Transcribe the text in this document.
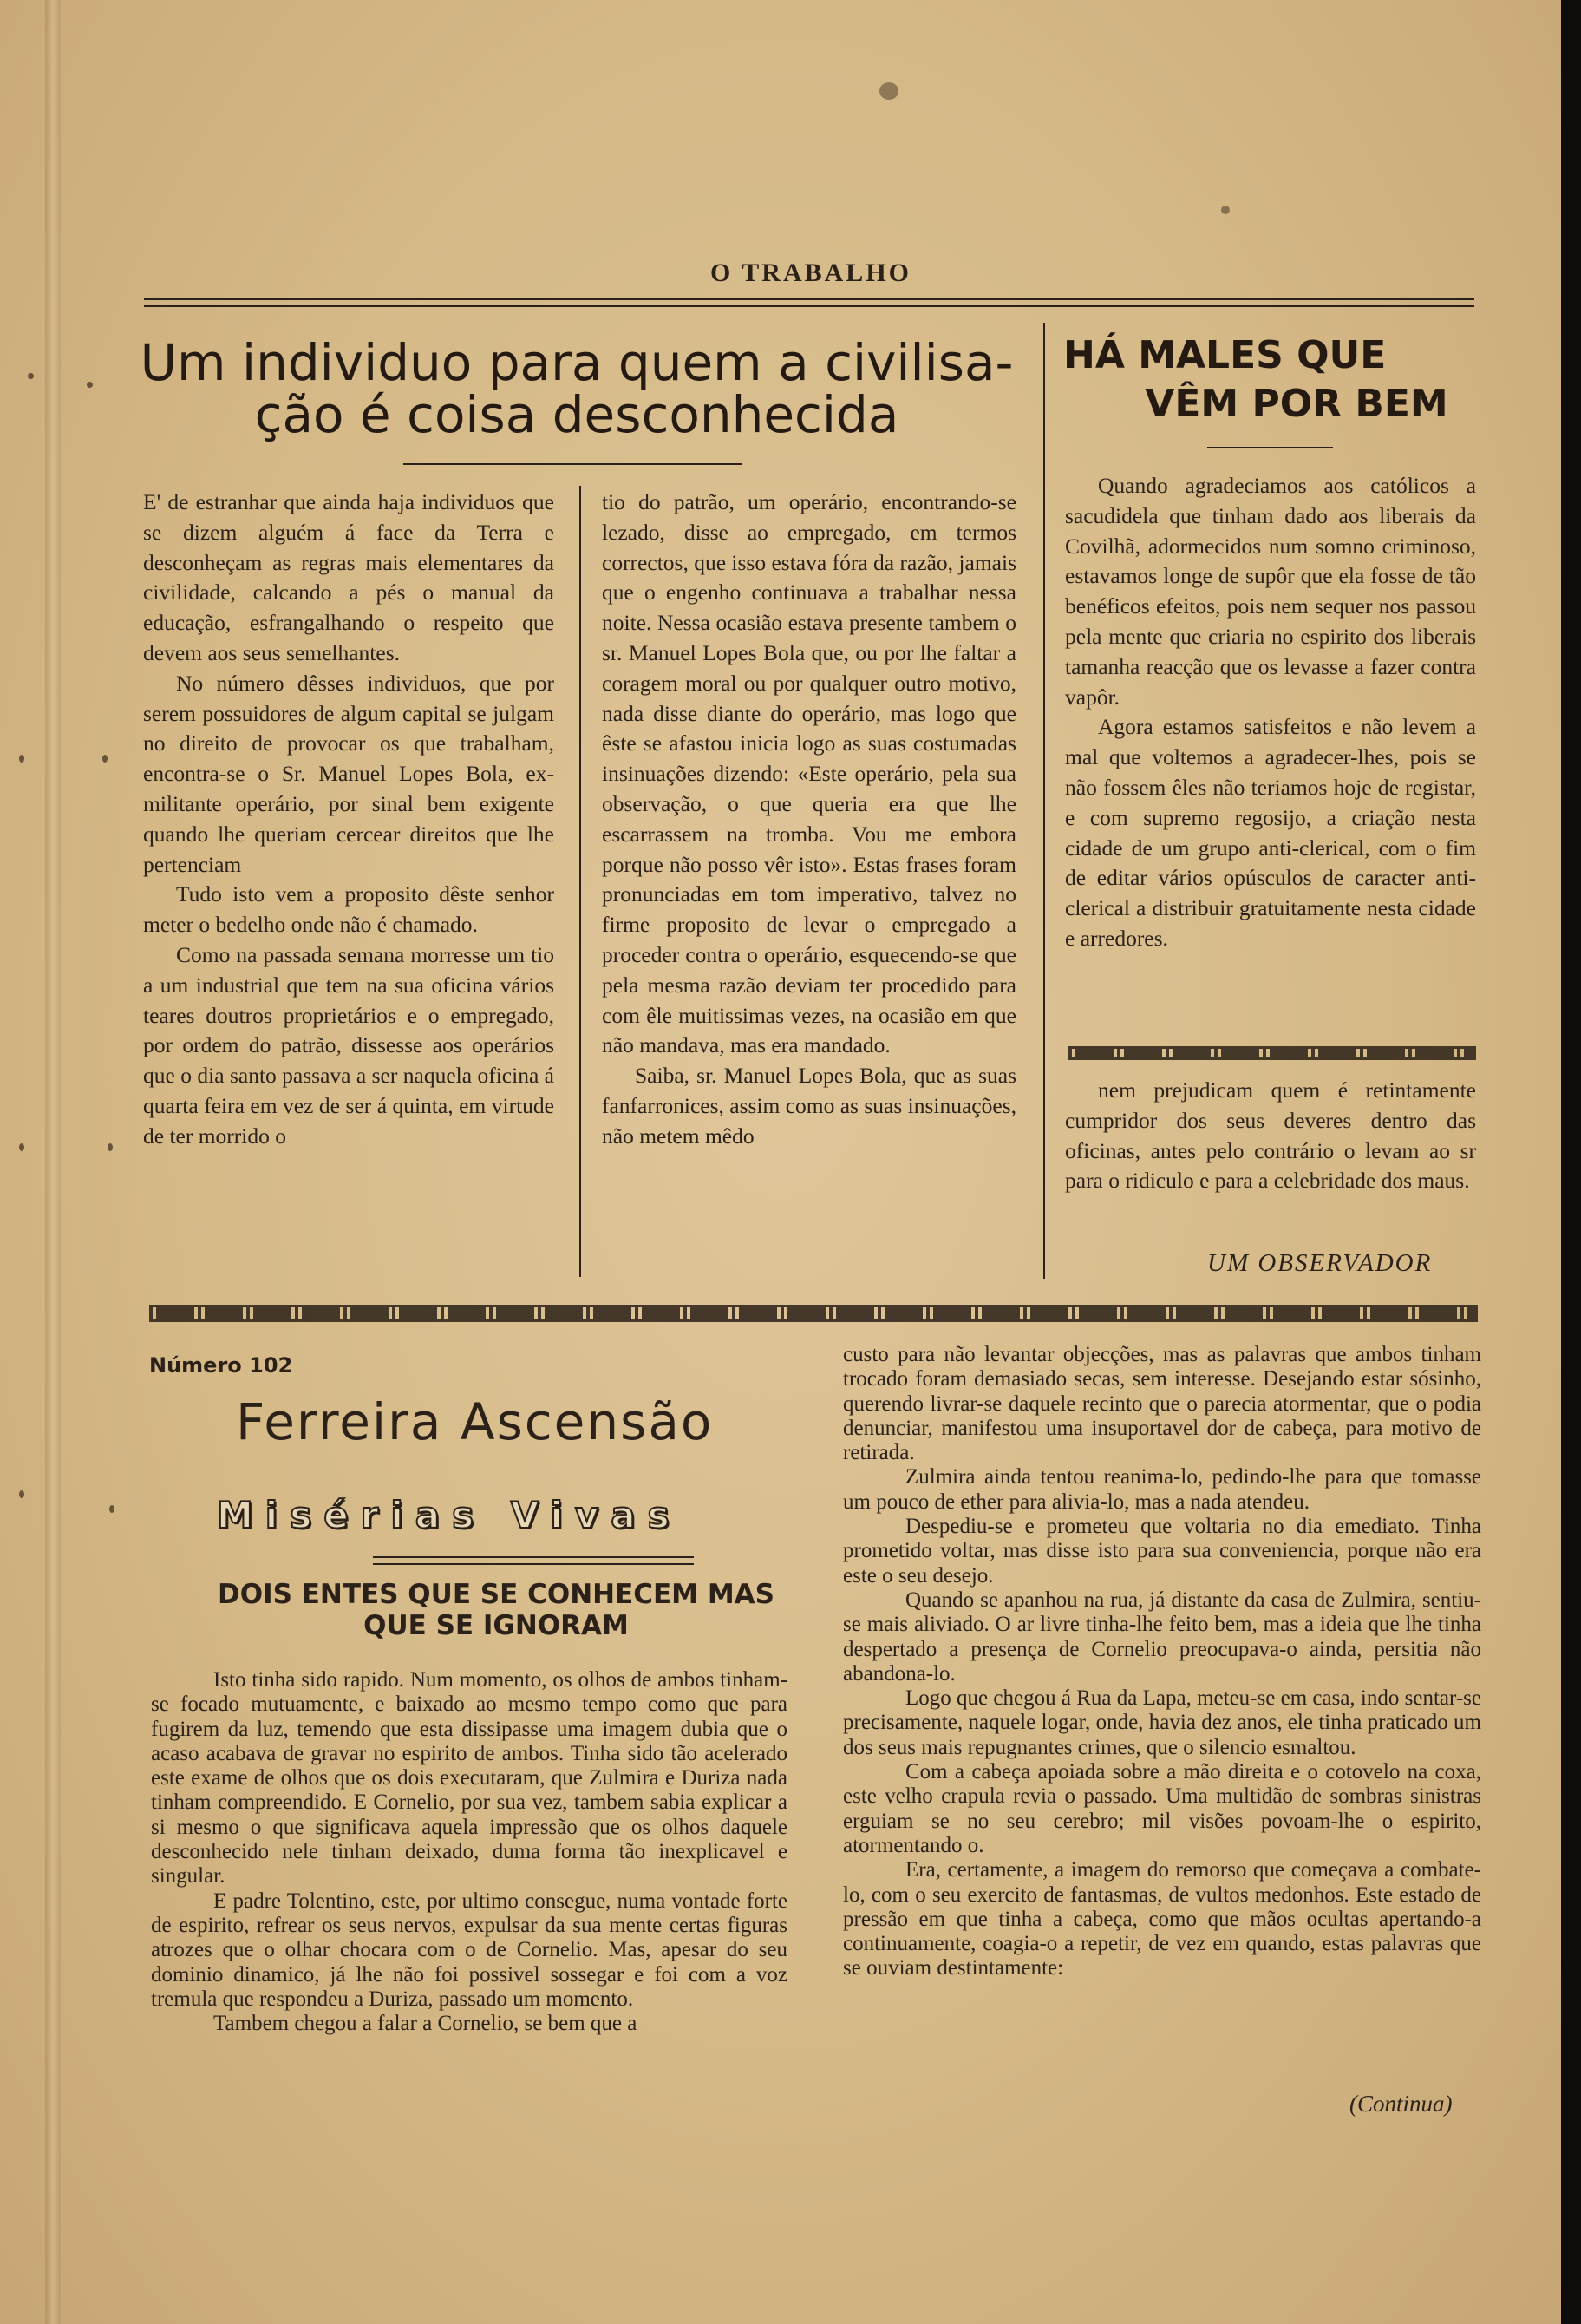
O TRABALHO
Um individuo para quem a civilisa-
ção é coisa desconhecida

E' de estranhar que ainda haja individuos que se dizem alguém á face da Terra e desconheçam as regras mais elementares da civilidade, calcando a pés o manual da educação, esfrangalhando o respeito que devem aos seus semelhantes.

No número dêsses individuos, que por serem possuidores de algum capital se julgam no direito de provocar os que trabalham, encontra-se o Sr. Manuel Lopes Bola, ex-militante operário, por sinal bem exigente quando lhe queriam cercear direitos que lhe pertenciam

Tudo isto vem a proposito dêste senhor meter o bedelho onde não é chamado.

Como na passada semana morresse um tio a um industrial que tem na sua oficina vários teares doutros proprietários e o empregado, por ordem do patrão, dissesse aos operários que o dia santo passava a ser naquela oficina á quarta feira em vez de ser á quinta, em virtude de ter morrido o

tio do patrão, um operário, encontrando-se lezado, disse ao empregado, em termos correctos, que isso estava fóra da razão, jamais que o engenho continuava a trabalhar nessa noite. Nessa ocasião estava presente tambem o sr. Manuel Lopes Bola que, ou por lhe faltar a coragem moral ou por qualquer outro motivo, nada disse diante do operário, mas logo que êste se afastou inicia logo as suas costumadas insinuações dizendo: «Este operário, pela sua observação, o que queria era que lhe escarrassem na tromba. Vou me embora porque não posso vêr isto». Estas frases foram pronunciadas em tom imperativo, talvez no firme proposito de levar o empregado a proceder contra o operário, esquecendo-se que pela mesma razão deviam ter procedido para com êle muitissimas vezes, na ocasião em que não mandava, mas era mandado.

Saiba, sr. Manuel Lopes Bola, que as suas fanfarronices, assim como as suas insinuações, não metem mêdo

HÁ MALES QUE
VÊM POR BEM

Quando agradeciamos aos católicos a sacudidela que tinham dado aos liberais da Covilhã, adormecidos num somno criminoso, estavamos longe de supôr que ela fosse de tão benéficos efeitos, pois nem sequer nos passou pela mente que criaria no espirito dos liberais tamanha reacção que os levasse a fazer contra vapôr.

Agora estamos satisfeitos e não levem a mal que voltemos a agradecer-lhes, pois se não fossem êles não teriamos hoje de registar, e com supremo regosijo, a criação nesta cidade de um grupo anti-clerical, com o fim de editar vários opúsculos de caracter anti-clerical a distribuir gratuitamente nesta cidade e arredores.

nem prejudicam quem é retintamente cumpridor dos seus deveres dentro das oficinas, antes pelo contrário o levam ao sr para o ridiculo e para a celebridade dos maus.

UM OBSERVADOR
Número 102
Ferreira Ascensão
Misérias Vivas
DOIS ENTES QUE SE CONHECEM MAS
QUE SE IGNORAM

Isto tinha sido rapido. Num momento, os olhos de ambos tinham-se focado mutuamente, e baixado ao mesmo tempo como que para fugirem da luz, temendo que esta dissipasse uma imagem dubia que o acaso acabava de gravar no espirito de ambos. Tinha sido tão acelerado este exame de olhos que os dois executaram, que Zulmira e Duriza nada tinham compreendido. E Cornelio, por sua vez, tambem sabia explicar a si mesmo o que significava aquela impressão que os olhos daquele desconhecido nele tinham deixado, duma forma tão inexplicavel e singular.

E padre Tolentino, este, por ultimo consegue, numa vontade forte de espirito, refrear os seus nervos, expulsar da sua mente certas figuras atrozes que o olhar chocara com o de Cornelio. Mas, apesar do seu dominio dinamico, já lhe não foi possivel sossegar e foi com a voz tremula que respondeu a Duriza, passado um momento.

Tambem chegou a falar a Cornelio, se bem que a

custo para não levantar objecções, mas as palavras que ambos tinham trocado foram demasiado secas, sem interesse. Desejando estar sósinho, querendo livrar-se daquele recinto que o parecia atormentar, que o podia denunciar, manifestou uma insuportavel dor de cabeça, para motivo de retirada.

Zulmira ainda tentou reanima-lo, pedindo-lhe para que tomasse um pouco de ether para alivia-lo, mas a nada atendeu.

Despediu-se e prometeu que voltaria no dia emediato. Tinha prometido voltar, mas disse isto para sua conveniencia, porque não era este o seu desejo.

Quando se apanhou na rua, já distante da casa de Zulmira, sentiu-se mais aliviado. O ar livre tinha-lhe feito bem, mas a ideia que lhe tinha despertado a presença de Cornelio preocupava-o ainda, persitia não abandona-lo.

Logo que chegou á Rua da Lapa, meteu-se em casa, indo sentar-se precisamente, naquele logar, onde, havia dez anos, ele tinha praticado um dos seus mais repugnantes crimes, que o silencio esmaltou.

Com a cabeça apoiada sobre a mão direita e o cotovelo na coxa, este velho crapula revia o passado. Uma multidão de sombras sinistras erguiam se no seu cerebro; mil visões povoam-lhe o espirito, atormentando o.

Era, certamente, a imagem do remorso que começava a combate-lo, com o seu exercito de fantasmas, de vultos medonhos. Este estado de pressão em que tinha a cabeça, como que mãos ocultas apertando-a continuamente, coagia-o a repetir, de vez em quando, estas palavras que se ouviam destintamente:

(Continua)
